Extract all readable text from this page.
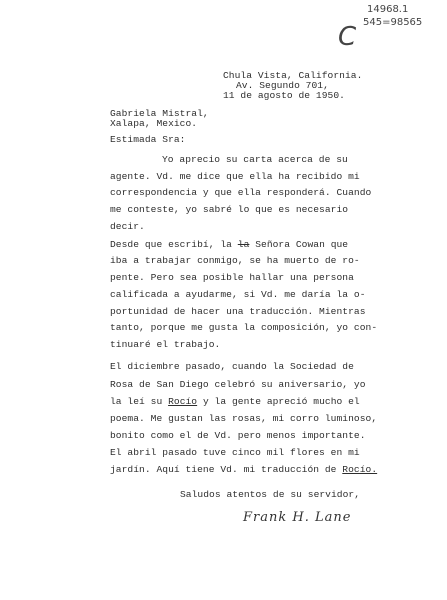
14968.1
545=98565
C
Chula Vista, California.
Av. Segundo 701,
11 de agosto de 1950.
Gabriela Mistral,
Xalapa, Mexico.
Estimada Sra:
Yo aprecio su carta acerca de su
agente. Vd. me dice que ella ha recibido mi
correspondencia y que ella responderá. Cuando
me conteste, yo sabré lo que es necesario
decir.
Desde que escribí, la la Señora Cowan que
iba a trabajar conmigo, se ha muerto de ro-
pente. Pero sea posible hallar una persona
calificada a ayudarme, si Vd. me daría la o-
portunidad de hacer una traducción. Mientras
tanto, porque me gusta la composición, yo con-
tinuaré el trabajo.
El diciembre pasado, cuando la Sociedad de
Rosa de San Diego celebró su aniversario, yo
la leí su Rocío y la gente apreció mucho el
poema. Me gustan las rosas, mi corro luminoso,
bonito como el de Vd. pero menos importante.
El abril pasado tuve cinco mil flores en mi
jardín. Aquí tiene Vd. mi traducción de Rocío.
Saludos atentos de su servidor,
Frank H. Lane
